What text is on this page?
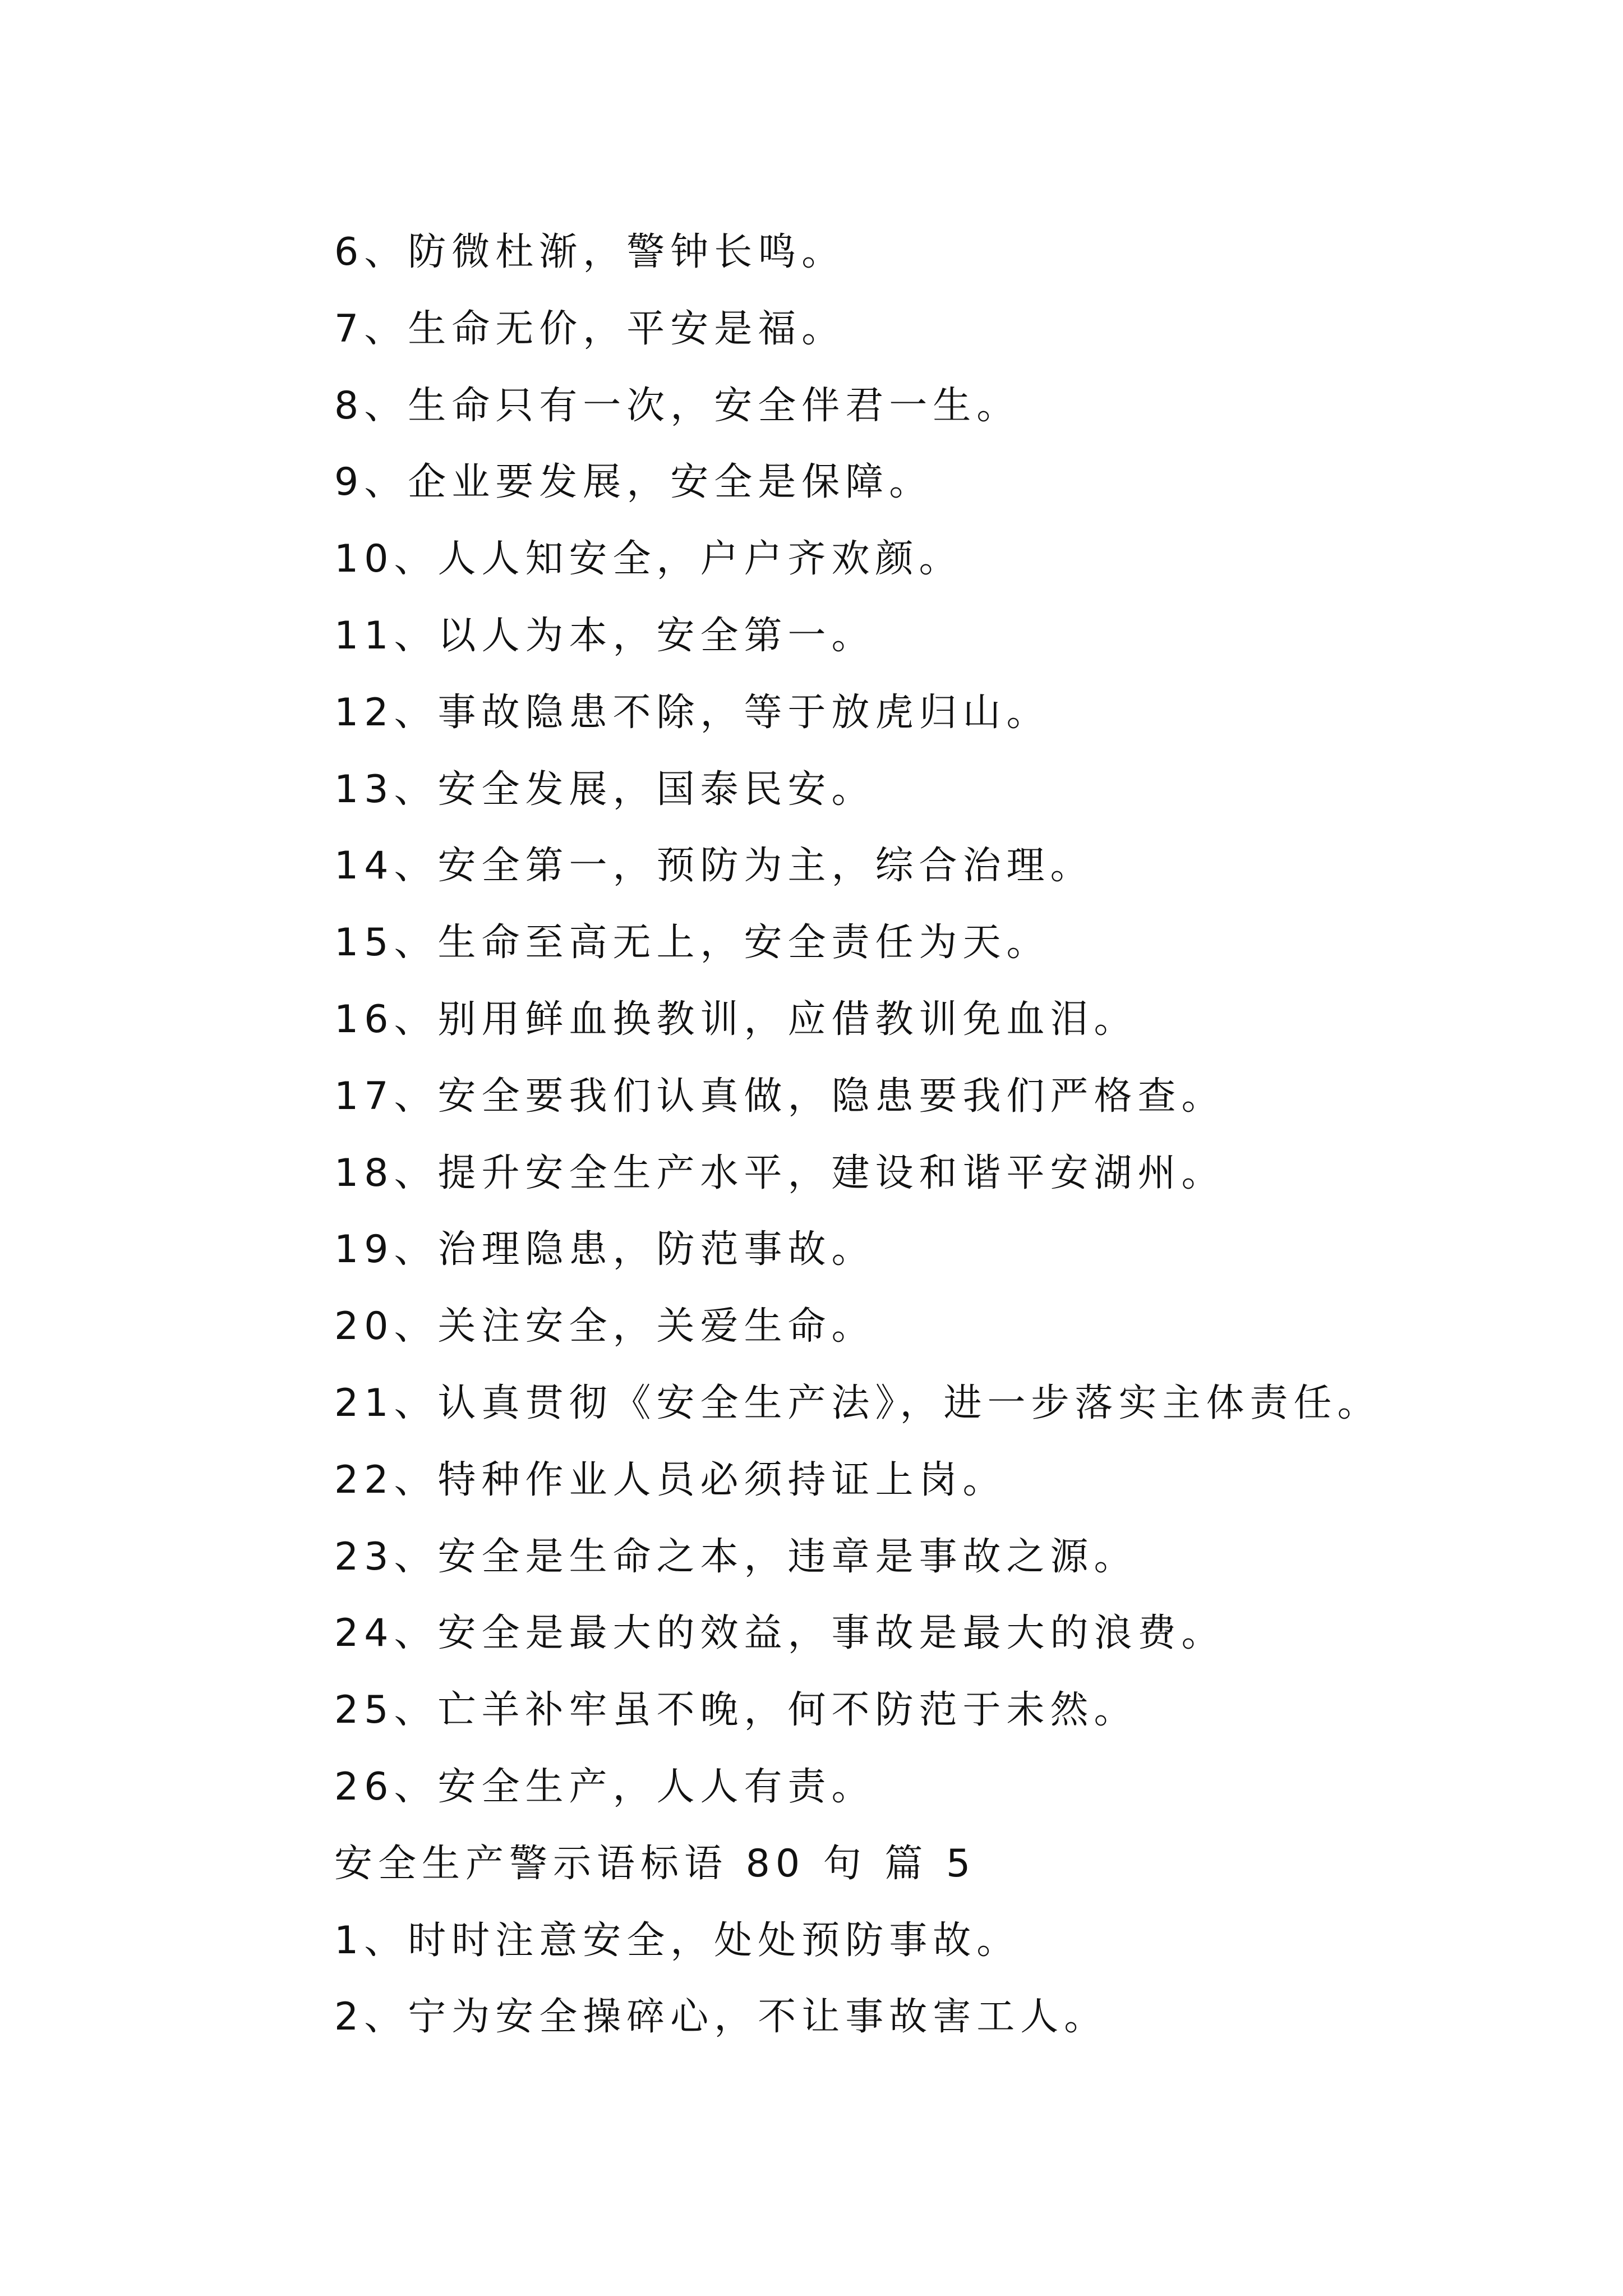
6、防微杜渐，警钟长鸣。
7、生命无价，平安是福。
8、生命只有一次，安全伴君一生。
9、企业要发展，安全是保障。
10、人人知安全，户户齐欢颜。
11、以人为本，安全第一。
12、事故隐患不除，等于放虎归山。
13、安全发展，国泰民安。
14、安全第一，预防为主，综合治理。
15、生命至高无上，安全责任为天。
16、别用鲜血换教训，应借教训免血泪。
17、安全要我们认真做，隐患要我们严格查。
18、提升安全生产水平，建设和谐平安湖州。
19、治理隐患，防范事故。
20、关注安全，关爱生命。
21、认真贯彻《安全生产法》，进一步落实主体责任。
22、特种作业人员必须持证上岗。
23、安全是生命之本，违章是事故之源。
24、安全是最大的效益，事故是最大的浪费。
25、亡羊补牢虽不晚，何不防范于未然。
26、安全生产，人人有责。
安全生产警示语标语 80 句 篇 5
1、时时注意安全，处处预防事故。
2、宁为安全操碎心，不让事故害工人。
